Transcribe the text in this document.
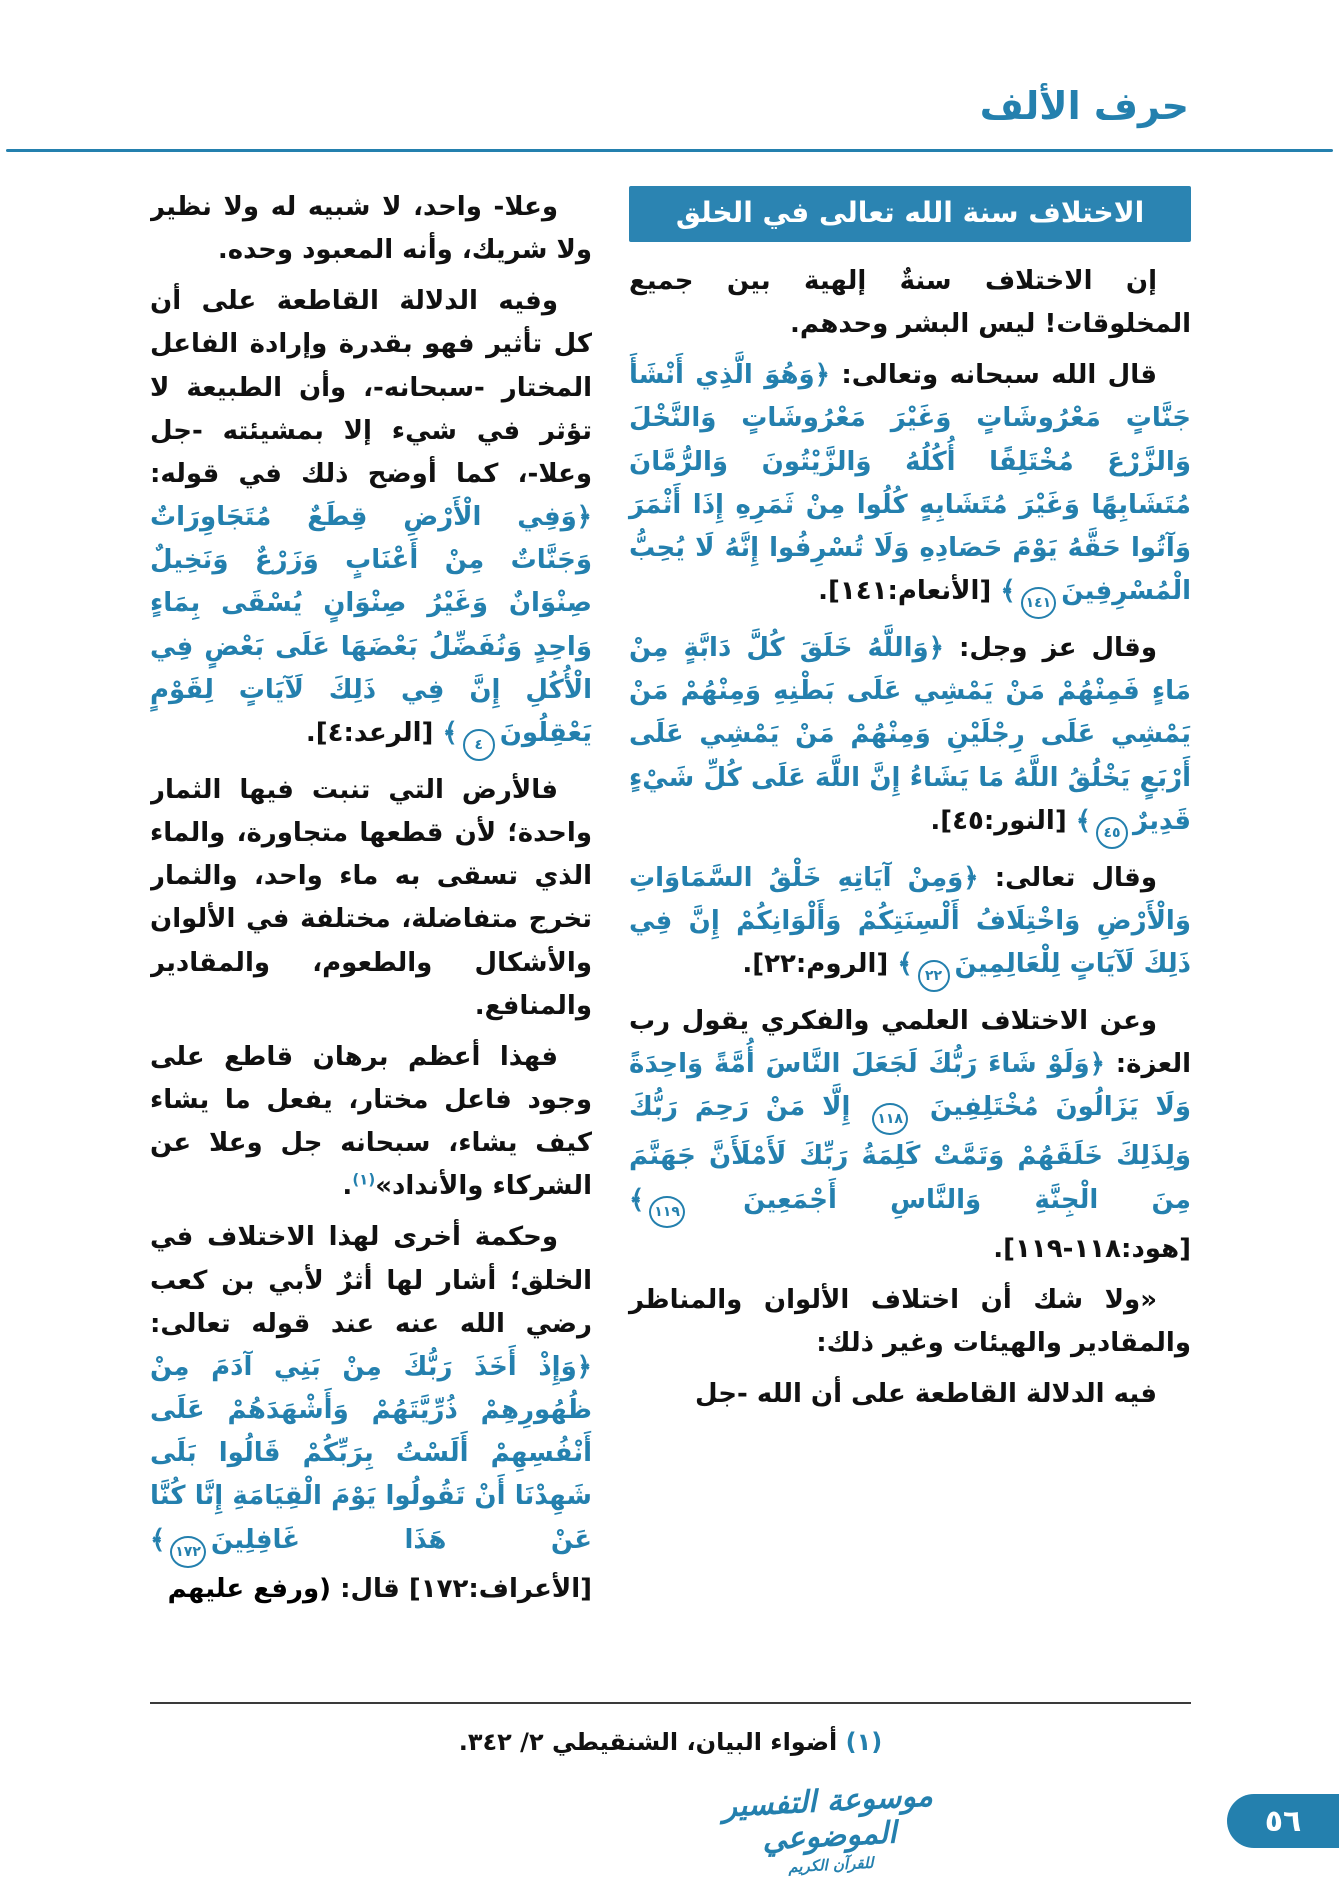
حرف الألف
الاختلاف سنة الله تعالى في الخلق

إن الاختلاف سنةٌ إلهية بين جميع المخلوقات! ليس البشر وحدهم.

قال الله سبحانه وتعالى: ﴿وَهُوَ الَّذِي أَنْشَأَ جَنَّاتٍ مَعْرُوشَاتٍ وَغَيْرَ مَعْرُوشَاتٍ وَالنَّخْلَ وَالزَّرْعَ مُخْتَلِفًا أُكُلُهُ وَالزَّيْتُونَ وَالرُّمَّانَ مُتَشَابِهًا وَغَيْرَ مُتَشَابِهٍ كُلُوا مِنْ ثَمَرِهِ إِذَا أَثْمَرَ وَآتُوا حَقَّهُ يَوْمَ حَصَادِهِ وَلَا تُسْرِفُوا إِنَّهُ لَا يُحِبُّ الْمُسْرِفِينَ١٤١﴾ [الأنعام:١٤١].

وقال عز وجل: ﴿وَاللَّهُ خَلَقَ كُلَّ دَابَّةٍ مِنْ مَاءٍ فَمِنْهُمْ مَنْ يَمْشِي عَلَى بَطْنِهِ وَمِنْهُمْ مَنْ يَمْشِي عَلَى رِجْلَيْنِ وَمِنْهُمْ مَنْ يَمْشِي عَلَى أَرْبَعٍ يَخْلُقُ اللَّهُ مَا يَشَاءُ إِنَّ اللَّهَ عَلَى كُلِّ شَيْءٍ قَدِيرٌ٤٥﴾ [النور:٤٥].

وقال تعالى: ﴿وَمِنْ آيَاتِهِ خَلْقُ السَّمَاوَاتِ وَالْأَرْضِ وَاخْتِلَافُ أَلْسِنَتِكُمْ وَأَلْوَانِكُمْ إِنَّ فِي ذَلِكَ لَآيَاتٍ لِلْعَالِمِينَ٢٢﴾ [الروم:٢٢].

وعن الاختلاف العلمي والفكري يقول رب العزة: ﴿وَلَوْ شَاءَ رَبُّكَ لَجَعَلَ النَّاسَ أُمَّةً وَاحِدَةً وَلَا يَزَالُونَ مُخْتَلِفِينَ ١١٨ إِلَّا مَنْ رَحِمَ رَبُّكَ وَلِذَلِكَ خَلَقَهُمْ وَتَمَّتْ كَلِمَةُ رَبِّكَ لَأَمْلَأَنَّ جَهَنَّمَ مِنَ الْجِنَّةِ وَالنَّاسِ أَجْمَعِينَ ١١٩﴾ [هود:١١٨-١١٩].

«ولا شك أن اختلاف الألوان والمناظر والمقادير والهيئات وغير ذلك:

فيه الدلالة القاطعة على أن الله -جل

وعلا- واحد، لا شبيه له ولا نظير ولا شريك، وأنه المعبود وحده.

وفيه الدلالة القاطعة على أن كل تأثير فهو بقدرة وإرادة الفاعل المختار -سبحانه-، وأن الطبيعة لا تؤثر في شيء إلا بمشيئته -جل وعلا-، كما أوضح ذلك في قوله: ﴿وَفِي الْأَرْضِ قِطَعٌ مُتَجَاوِرَاتٌ وَجَنَّاتٌ مِنْ أَعْنَابٍ وَزَرْعٌ وَنَخِيلٌ صِنْوَانٌ وَغَيْرُ صِنْوَانٍ يُسْقَى بِمَاءٍ وَاحِدٍ وَنُفَضِّلُ بَعْضَهَا عَلَى بَعْضٍ فِي الْأُكُلِ إِنَّ فِي ذَلِكَ لَآيَاتٍ لِقَوْمٍ يَعْقِلُونَ٤﴾ [الرعد:٤].

فالأرض التي تنبت فيها الثمار واحدة؛ لأن قطعها متجاورة، والماء الذي تسقى به ماء واحد، والثمار تخرج متفاضلة، مختلفة في الألوان والأشكال والطعوم، والمقادير والمنافع.

فهذا أعظم برهان قاطع على وجود فاعل مختار، يفعل ما يشاء كيف يشاء، سبحانه جل وعلا عن الشركاء والأنداد»$^{(١)}$.

وحكمة أخرى لهذا الاختلاف في الخلق؛ أشار لها أثرٌ لأبي بن كعب رضي الله عنه عند قوله تعالى: ﴿وَإِذْ أَخَذَ رَبُّكَ مِنْ بَنِي آدَمَ مِنْ ظُهُورِهِمْ ذُرِّيَّتَهُمْ وَأَشْهَدَهُمْ عَلَى أَنْفُسِهِمْ أَلَسْتُ بِرَبِّكُمْ قَالُوا بَلَى شَهِدْنَا أَنْ تَقُولُوا يَوْمَ الْقِيَامَةِ إِنَّا كُنَّا عَنْ هَذَا غَافِلِينَ١٧٢﴾ [الأعراف:١٧٢] قال: (ورفع عليهم

(١) أضواء البيان، الشنقيطي ٢/ ٣٤٢.

موسوعة التفسير الموضوعي
للقرآن الكريم
٥٦
